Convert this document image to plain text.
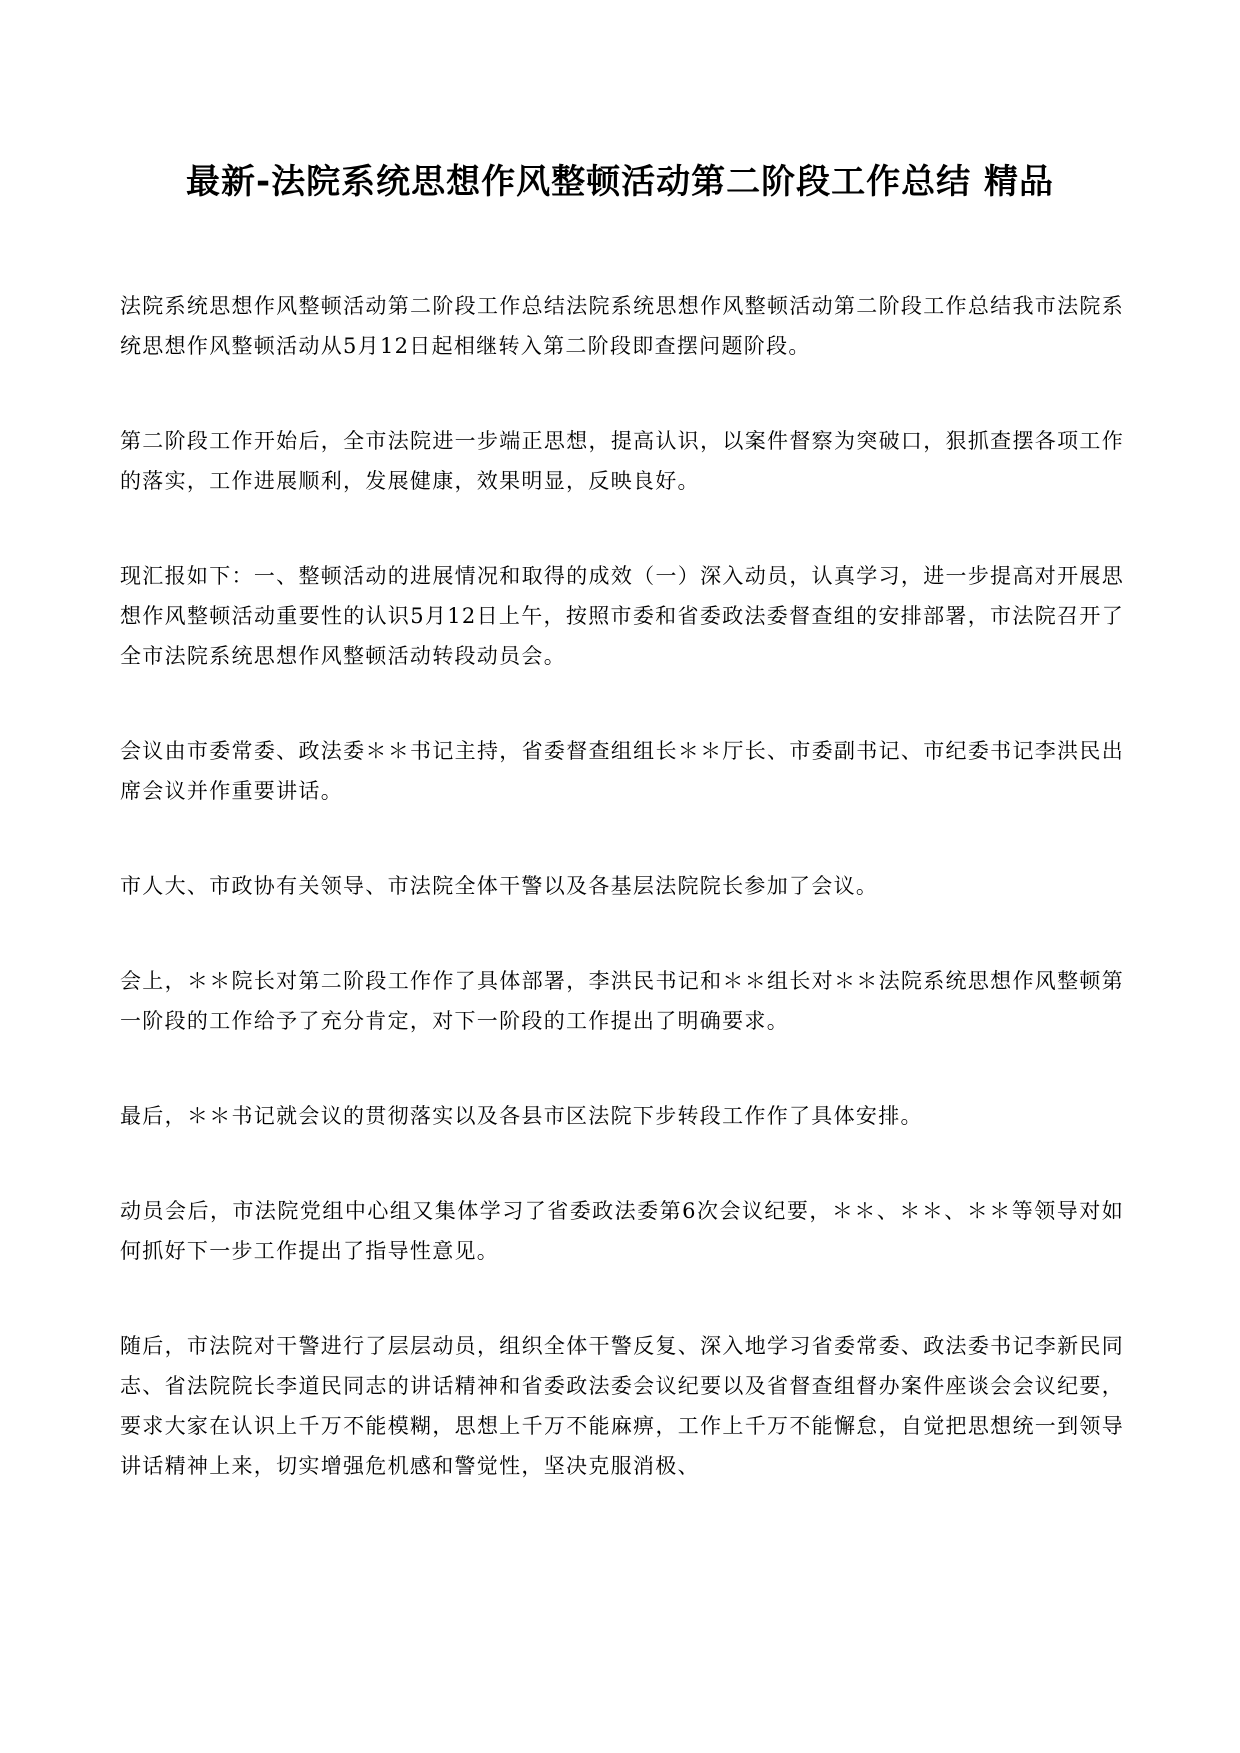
最新-法院系统思想作风整顿活动第二阶段工作总结 精品

法院系统思想作风整顿活动第二阶段工作总结法院系统思想作风整顿活动第二阶段工作总结我市法院系统思想作风整顿活动从5月12日起相继转入第二阶段即查摆问题阶段。

第二阶段工作开始后，全市法院进一步端正思想，提高认识，以案件督察为突破口，狠抓查摆各项工作的落实，工作进展顺利，发展健康，效果明显，反映良好。

现汇报如下：一、整顿活动的进展情况和取得的成效（一）深入动员，认真学习，进一步提高对开展思想作风整顿活动重要性的认识5月12日上午，按照市委和省委政法委督查组的安排部署，市法院召开了全市法院系统思想作风整顿活动转段动员会。

会议由市委常委、政法委＊＊书记主持，省委督查组组长＊＊厅长、市委副书记、市纪委书记李洪民出席会议并作重要讲话。

市人大、市政协有关领导、市法院全体干警以及各基层法院院长参加了会议。

会上，＊＊院长对第二阶段工作作了具体部署，李洪民书记和＊＊组长对＊＊法院系统思想作风整顿第一阶段的工作给予了充分肯定，对下一阶段的工作提出了明确要求。

最后，＊＊书记就会议的贯彻落实以及各县市区法院下步转段工作作了具体安排。

动员会后，市法院党组中心组又集体学习了省委政法委第6次会议纪要，＊＊、＊＊、＊＊等领导对如何抓好下一步工作提出了指导性意见。

随后，市法院对干警进行了层层动员，组织全体干警反复、深入地学习省委常委、政法委书记李新民同志、省法院院长李道民同志的讲话精神和省委政法委会议纪要以及省督查组督办案件座谈会会议纪要，要求大家在认识上千万不能模糊，思想上千万不能麻痹，工作上千万不能懈怠，自觉把思想统一到领导讲话精神上来，切实增强危机感和警觉性，坚决克服消极、
